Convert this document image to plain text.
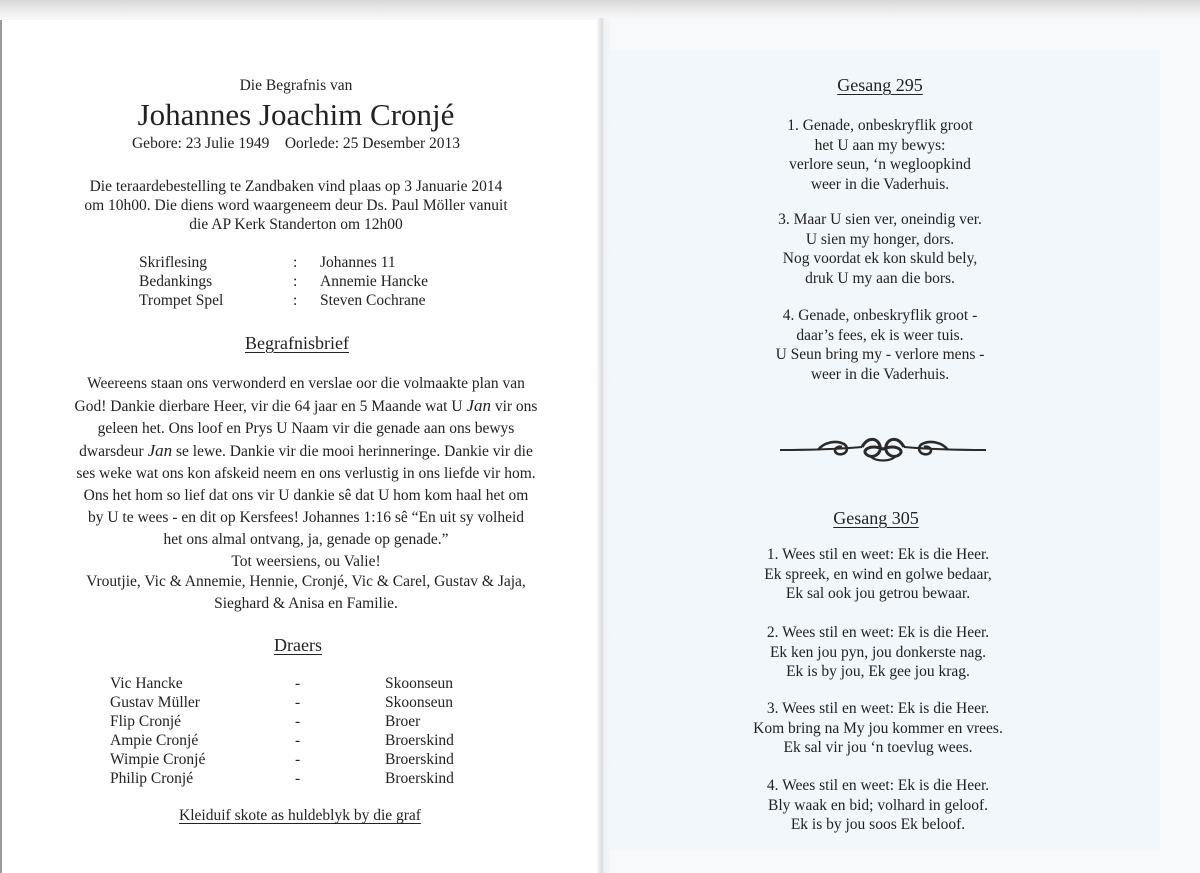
Die Begrafnis van
Johannes Joachim Cronjé
Gebore: 23 Julie 1949    Oorlede: 25 Desember 2013
Die teraardebestelling te Zandbaken vind plaas op 3 Januarie 2014
om 10h00. Die diens word waargeneem deur Ds. Paul Möller vanuit
die AP Kerk Standerton om 12h00
Skriflesing	: Johannes 11
Bedankings	: Annemie Hancke
Trompet Spel	: Steven Cochrane
Begrafnisbrief
Weereens staan ons verwonderd en verslae oor die volmaakte plan van
God! Dankie dierbare Heer, vir die 64 jaar en 5 Maande wat U Jan vir ons
geleen het. Ons loof en Prys U Naam vir die genade aan ons bewys
dwarsdeur Jan se lewe. Dankie vir die mooi herinneringe. Dankie vir die
ses weke wat ons kon afskeid neem en ons verlustig in ons liefde vir hom.
Ons het hom so lief dat ons vir U dankie sê dat U hom kom haal het om
by U te wees - en dit op Kersfees! Johannes 1:16 sê “En uit sy volheid
het ons almal ontvang, ja, genade op genade.”
Tot weersiens, ou Valie!
Vroutjie, Vic & Annemie, Hennie, Cronjé, Vic & Carel, Gustav & Jaja,
Sieghard & Anisa en Familie.
Draers
Vic Hancke	-	Skoonseun
Gustav Müller	-	Skoonseun
Flip Cronjé	-	Broer
Ampie Cronjé	-	Broerskind
Wimpie Cronjé	-	Broerskind
Philip Cronjé	-	Broerskind
Kleiduif skote as huldeblyk by die graf
Gesang 295
1. Genade, onbeskryflik groot
het U aan my bewys:
verlore seun, ‘n wegloopkind
weer in die Vaderhuis.
3. Maar U sien ver, oneindig ver.
U sien my honger, dors.
Nog voordat ek kon skuld bely,
druk U my aan die bors.
4. Genade, onbeskryflik groot -
daar’s fees, ek is weer tuis.
U Seun bring my - verlore mens -
weer in die Vaderhuis.
Gesang 305
1. Wees stil en weet: Ek is die Heer.
Ek spreek, en wind en golwe bedaar,
Ek sal ook jou getrou bewaar.
2. Wees stil en weet: Ek is die Heer.
Ek ken jou pyn, jou donkerste nag.
Ek is by jou, Ek gee jou krag.
3. Wees stil en weet: Ek is die Heer.
Kom bring na My jou kommer en vrees.
Ek sal vir jou ‘n toevlug wees.
4. Wees stil en weet: Ek is die Heer.
Bly waak en bid; volhard in geloof.
Ek is by jou soos Ek beloof.
